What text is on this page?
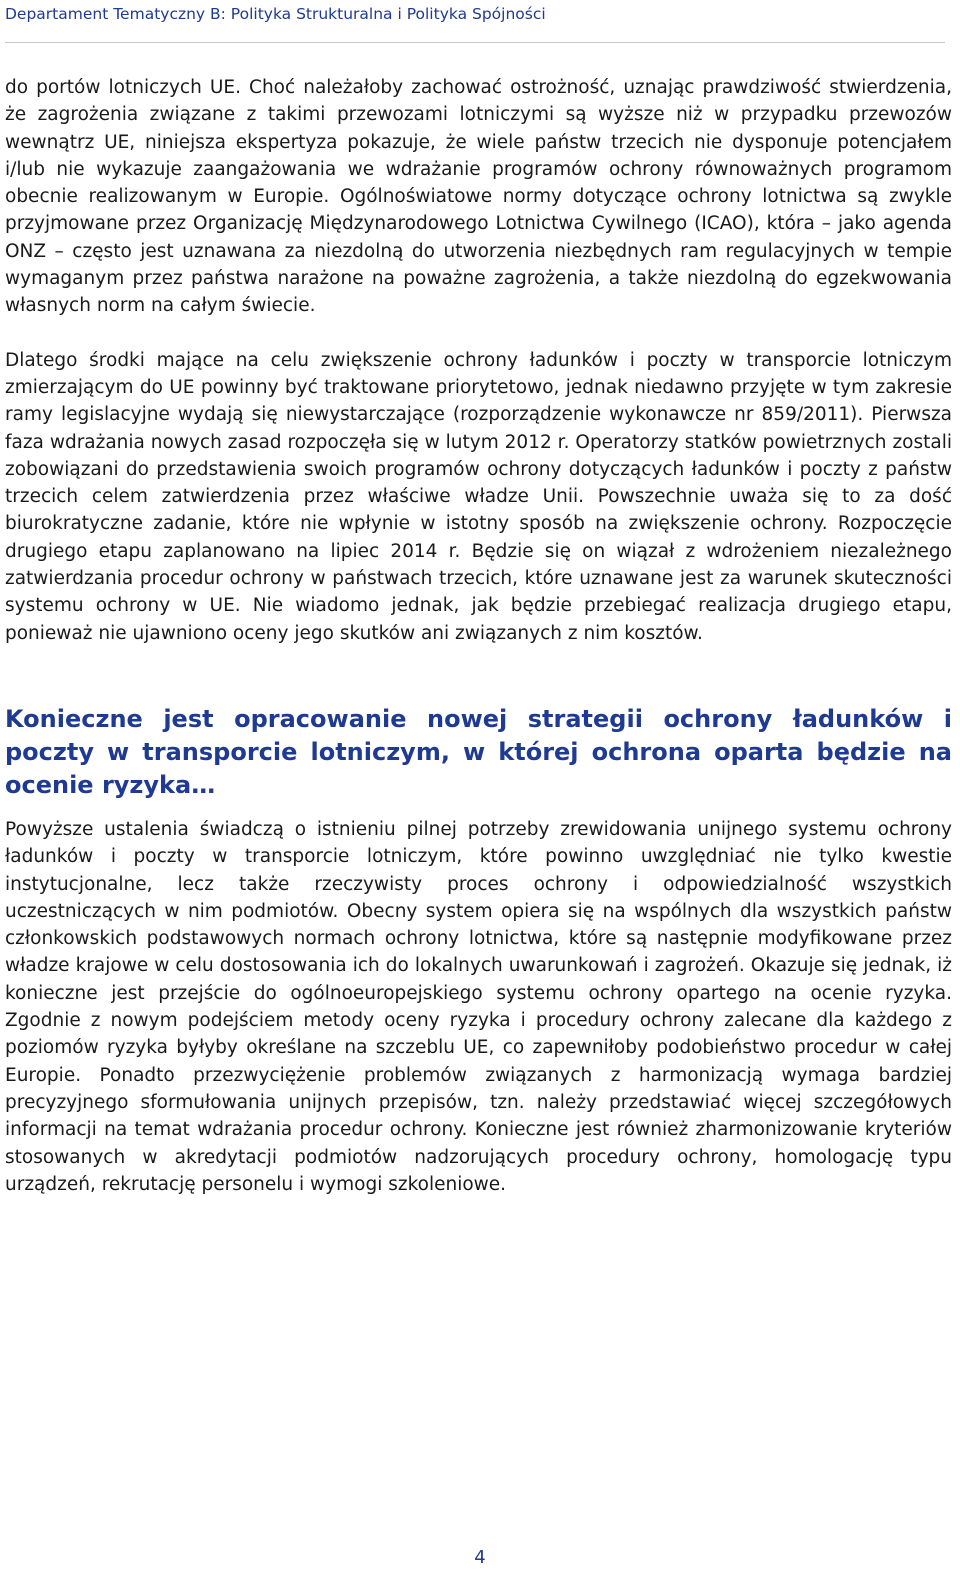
Departament Tematyczny B: Polityka Strukturalna i Polityka Spójności

do portów lotniczych UE. Choć należałoby zachować ostrożność, uznając prawdziwość stwierdzenia, że zagrożenia związane z takimi przewozami lotniczymi są wyższe niż w przypadku przewozów wewnątrz UE, niniejsza ekspertyza pokazuje, że wiele państw trzecich nie dysponuje potencjałem i/lub nie wykazuje zaangażowania we wdrażanie programów ochrony równoważnych programom obecnie realizowanym w Europie. Ogólnoświatowe normy dotyczące ochrony lotnictwa są zwykle przyjmowane przez Organizację Międzynarodowego Lotnictwa Cywilnego (ICAO), która – jako agenda ONZ – często jest uznawana za niezdolną do utworzenia niezbędnych ram regulacyjnych w tempie wymaganym przez państwa narażone na poważne zagrożenia, a także niezdolną do egzekwowania własnych norm na całym świecie.

Dlatego środki mające na celu zwiększenie ochrony ładunków i poczty w transporcie lotniczym zmierzającym do UE powinny być traktowane priorytetowo, jednak niedawno przyjęte w tym zakresie ramy legislacyjne wydają się niewystarczające (rozporządzenie wykonawcze nr 859/2011). Pierwsza faza wdrażania nowych zasad rozpoczęła się w lutym 2012 r. Operatorzy statków powietrznych zostali zobowiązani do przedstawienia swoich programów ochrony dotyczących ładunków i poczty z państw trzecich celem zatwierdzenia przez właściwe władze Unii. Powszechnie uważa się to za dość biurokratyczne zadanie, które nie wpłynie w istotny sposób na zwiększenie ochrony. Rozpoczęcie drugiego etapu zaplanowano na lipiec 2014 r. Będzie się on wiązał z wdrożeniem niezależnego zatwierdzania procedur ochrony w państwach trzecich, które uznawane jest za warunek skuteczności systemu ochrony w UE. Nie wiadomo jednak, jak będzie przebiegać realizacja drugiego etapu, ponieważ nie ujawniono oceny jego skutków ani związanych z nim kosztów.

Konieczne jest opracowanie nowej strategii ochrony ładunków i poczty w transporcie lotniczym, w której ochrona oparta będzie na ocenie ryzyka…

Powyższe ustalenia świadczą o istnieniu pilnej potrzeby zrewidowania unijnego systemu ochrony ładunków i poczty w transporcie lotniczym, które powinno uwzględniać nie tylko kwestie instytucjonalne, lecz także rzeczywisty proces ochrony i odpowiedzialność wszystkich uczestniczących w nim podmiotów. Obecny system opiera się na wspólnych dla wszystkich państw członkowskich podstawowych normach ochrony lotnictwa, które są następnie modyfikowane przez władze krajowe w celu dostosowania ich do lokalnych uwarunkowań i zagrożeń. Okazuje się jednak, iż konieczne jest przejście do ogólnoeuropejskiego systemu ochrony opartego na ocenie ryzyka. Zgodnie z nowym podejściem metody oceny ryzyka i procedury ochrony zalecane dla każdego z poziomów ryzyka byłyby określane na szczeblu UE, co zapewniłoby podobieństwo procedur w całej Europie. Ponadto przezwyciężenie problemów związanych z harmonizacją wymaga bardziej precyzyjnego sformułowania unijnych przepisów, tzn. należy przedstawiać więcej szczegółowych informacji na temat wdrażania procedur ochrony. Konieczne jest również zharmonizowanie kryteriów stosowanych w akredytacji podmiotów nadzorujących procedury ochrony, homologację typu urządzeń, rekrutację personelu i wymogi szkoleniowe.

4
